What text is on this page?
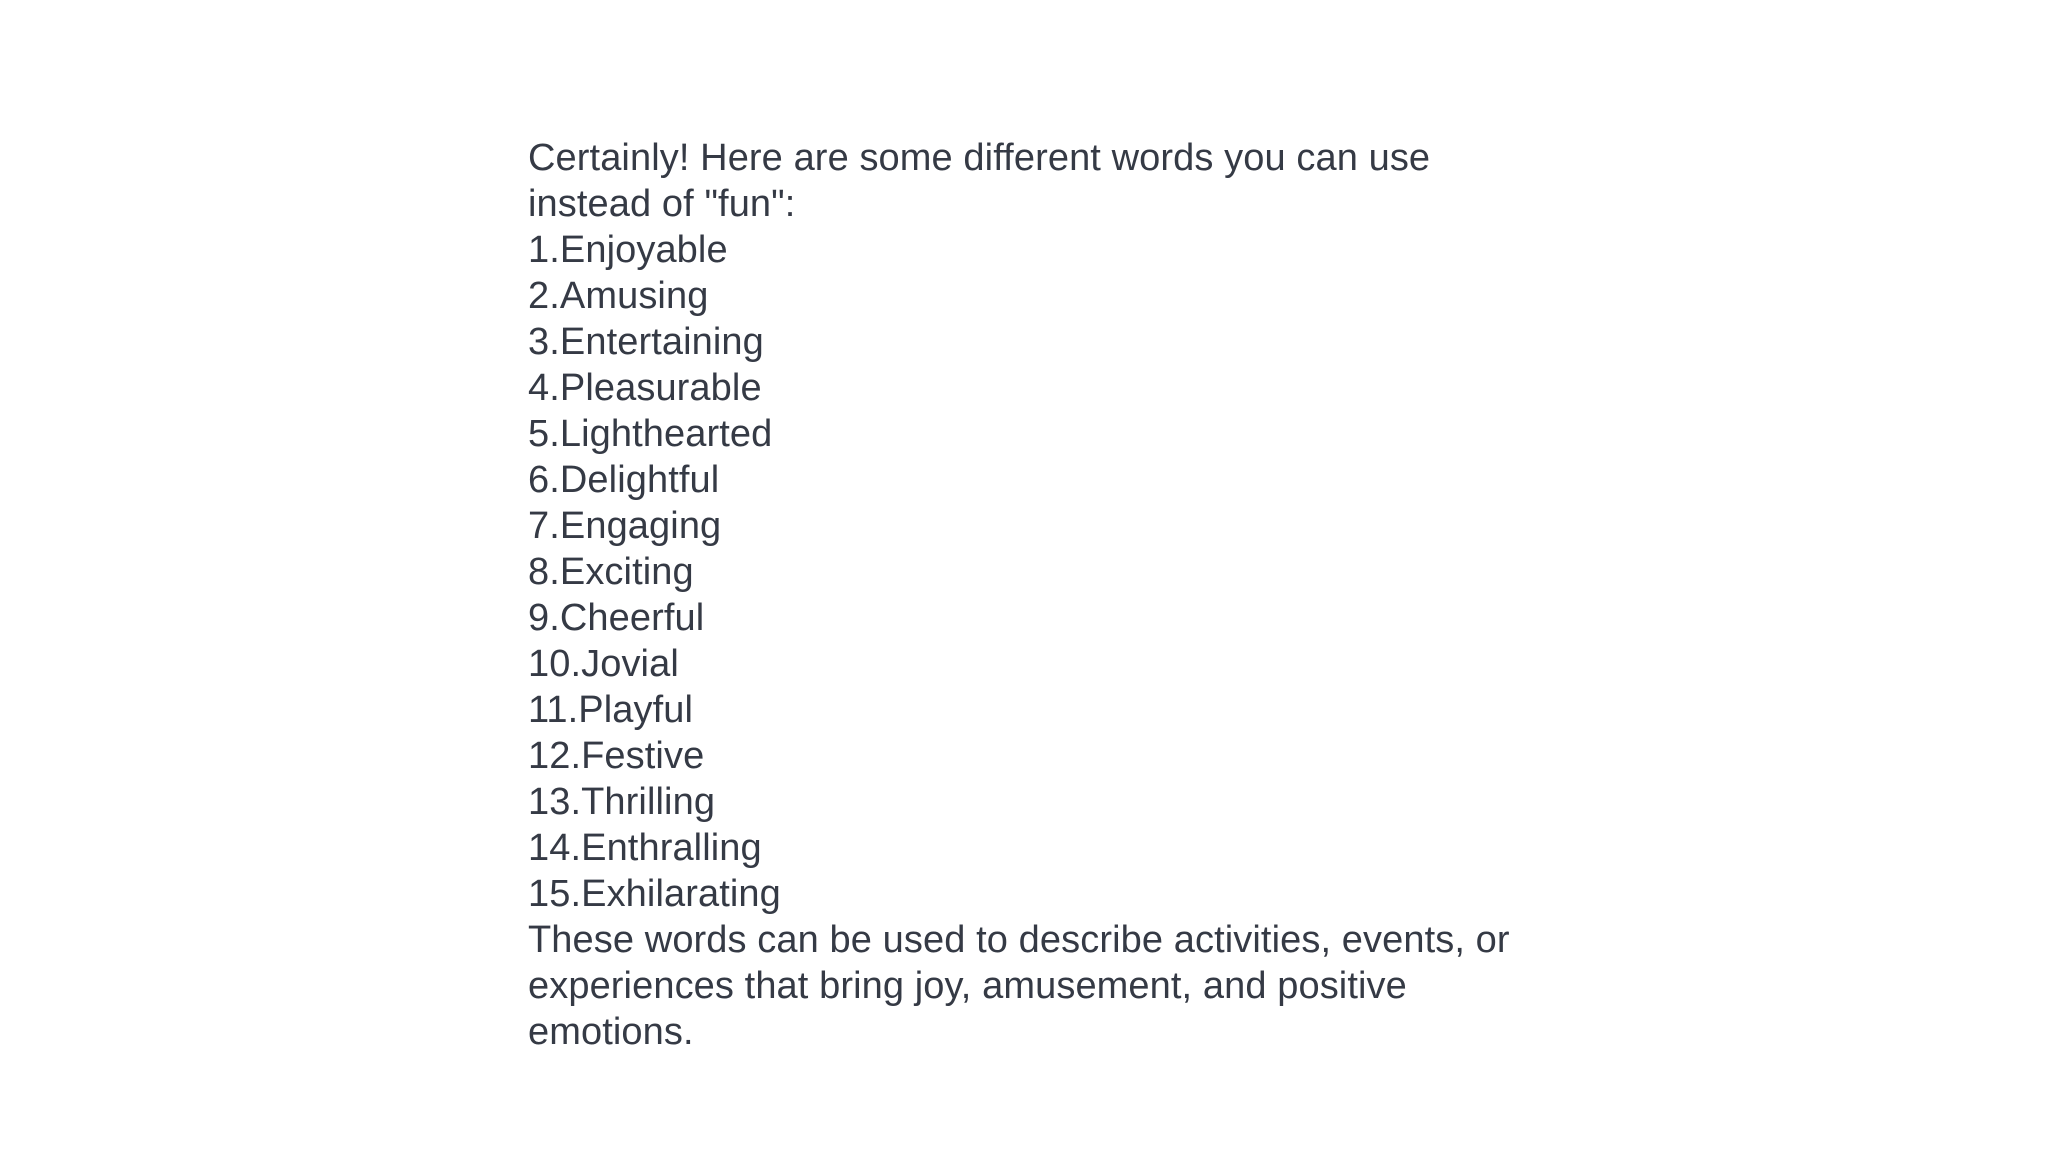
Certainly! Here are some different words you can use instead of "fun":

1.Enjoyable
2.Amusing
3.Entertaining
4.Pleasurable
5.Lighthearted
6.Delightful
7.Engaging
8.Exciting
9.Cheerful
10.Jovial
11.Playful
12.Festive
13.Thrilling
14.Enthralling
15.Exhilarating

These words can be used to describe activities, events, or experiences that bring joy, amusement, and positive emotions.
